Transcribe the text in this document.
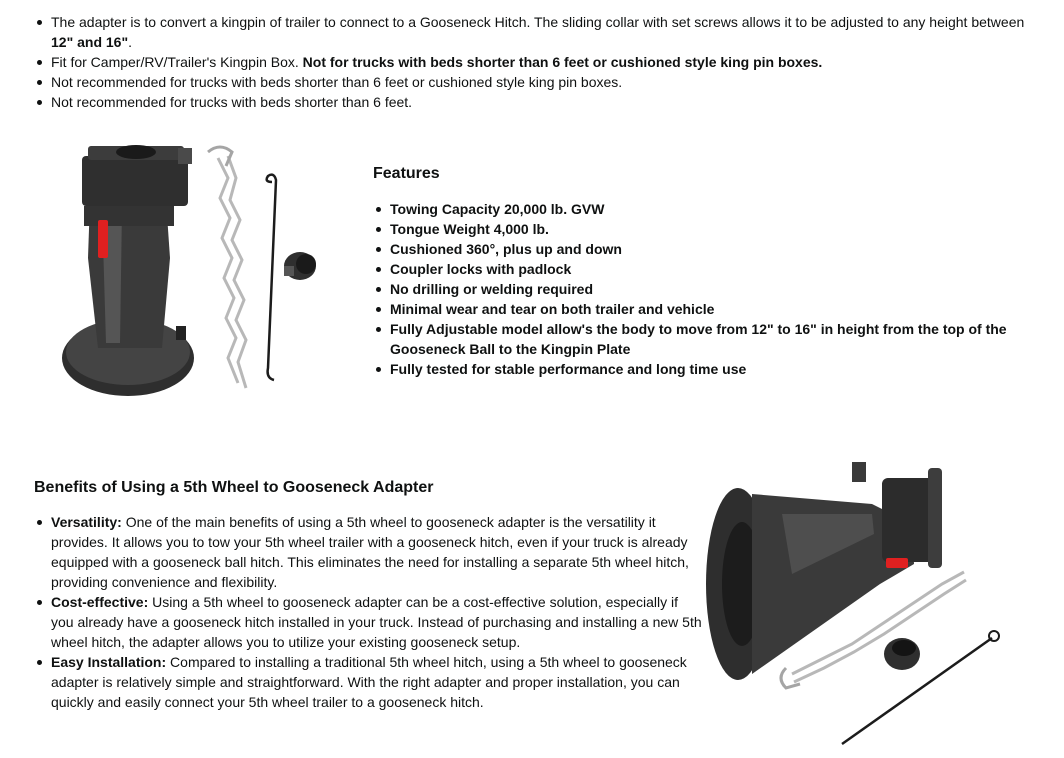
The adapter is to convert a kingpin of trailer to connect to a Gooseneck Hitch. The sliding collar with set screws allows it to be adjusted to any height between 12" and 16".
Fit for Camper/RV/Trailer's Kingpin Box. Not for trucks with beds shorter than 6 feet or cushioned style king pin boxes.
Not recommended for trucks with beds shorter than 6 feet or cushioned style king pin boxes.
Not recommended for trucks with beds shorter than 6 feet.
Features
Towing Capacity 20,000 lb. GVW
Tongue Weight 4,000 lb.
Cushioned 360°, plus up and down
Coupler locks with padlock
No drilling or welding required
Minimal wear and tear on both trailer and vehicle
Fully Adjustable model allow's the body to move from 12" to 16" in height from the top of the Gooseneck Ball to the Kingpin Plate
Fully tested for stable performance and long time use
Benefits of Using a 5th Wheel to Gooseneck Adapter
Versatility: One of the main benefits of using a 5th wheel to gooseneck adapter is the versatility it provides. It allows you to tow your 5th wheel trailer with a gooseneck hitch, even if your truck is already equipped with a gooseneck ball hitch. This eliminates the need for installing a separate 5th wheel hitch, providing convenience and flexibility.
Cost-effective: Using a 5th wheel to gooseneck adapter can be a cost-effective solution, especially if you already have a gooseneck hitch installed in your truck. Instead of purchasing and installing a new 5th wheel hitch, the adapter allows you to utilize your existing gooseneck setup.
Easy Installation: Compared to installing a traditional 5th wheel hitch, using a 5th wheel to gooseneck adapter is relatively simple and straightforward. With the right adapter and proper installation, you can quickly and easily connect your 5th wheel trailer to a gooseneck hitch.
